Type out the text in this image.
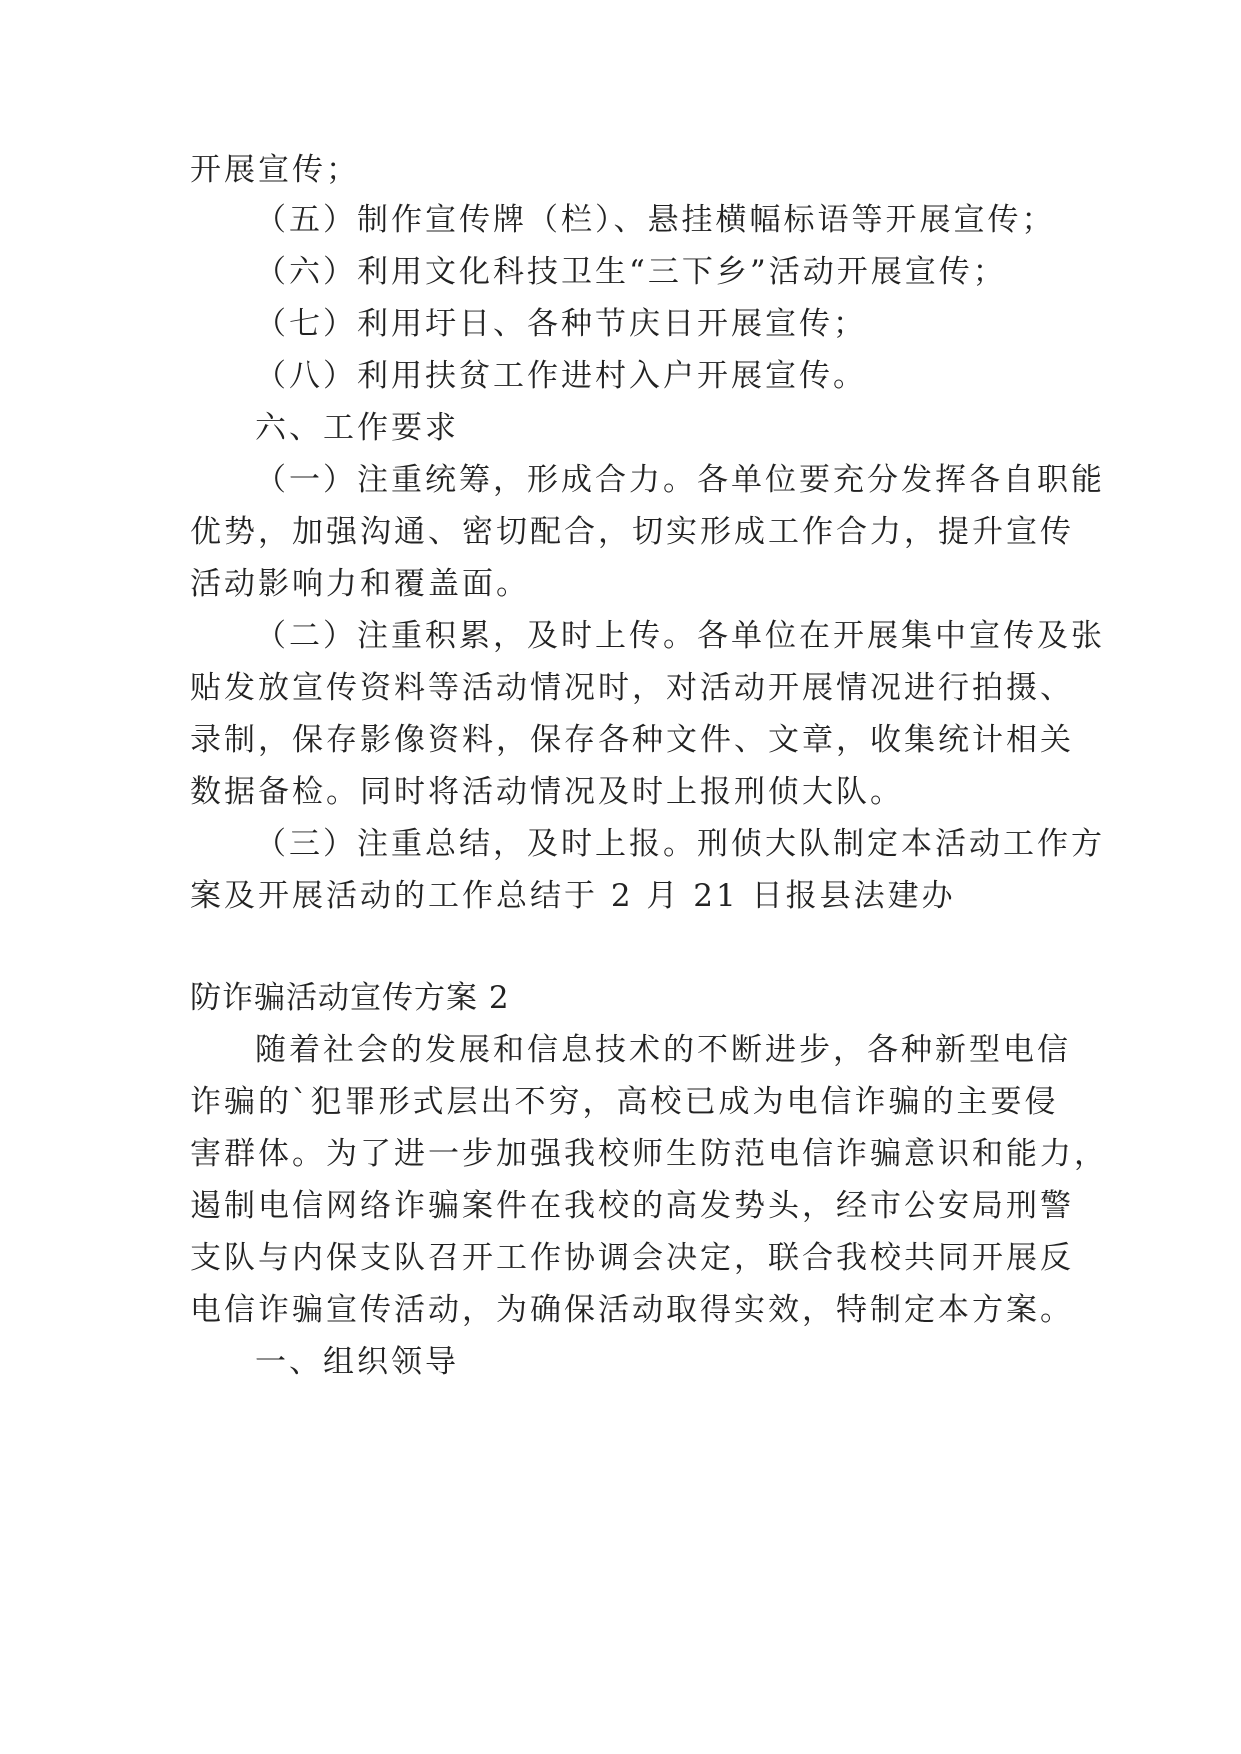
开展宣传；
（五）制作宣传牌（栏）、悬挂横幅标语等开展宣传；
（六）利用文化科技卫生“三下乡”活动开展宣传；
（七）利用圩日、各种节庆日开展宣传；
（八）利用扶贫工作进村入户开展宣传。
六、工作要求
（一）注重统筹，形成合力。各单位要充分发挥各自职能
优势，加强沟通、密切配合，切实形成工作合力，提升宣传
活动影响力和覆盖面。
（二）注重积累，及时上传。各单位在开展集中宣传及张
贴发放宣传资料等活动情况时，对活动开展情况进行拍摄、
录制，保存影像资料，保存各种文件、文章，收集统计相关
数据备检。同时将活动情况及时上报刑侦大队。
（三）注重总结，及时上报。刑侦大队制定本活动工作方
案及开展活动的工作总结于 2 月 21 日报县法建办
防诈骗活动宣传方案 2
随着社会的发展和信息技术的不断进步，各种新型电信
诈骗的`犯罪形式层出不穷，高校已成为电信诈骗的主要侵
害群体。为了进一步加强我校师生防范电信诈骗意识和能力，
遏制电信网络诈骗案件在我校的高发势头，经市公安局刑警
支队与内保支队召开工作协调会决定，联合我校共同开展反
电信诈骗宣传活动，为确保活动取得实效，特制定本方案。
一、组织领导
